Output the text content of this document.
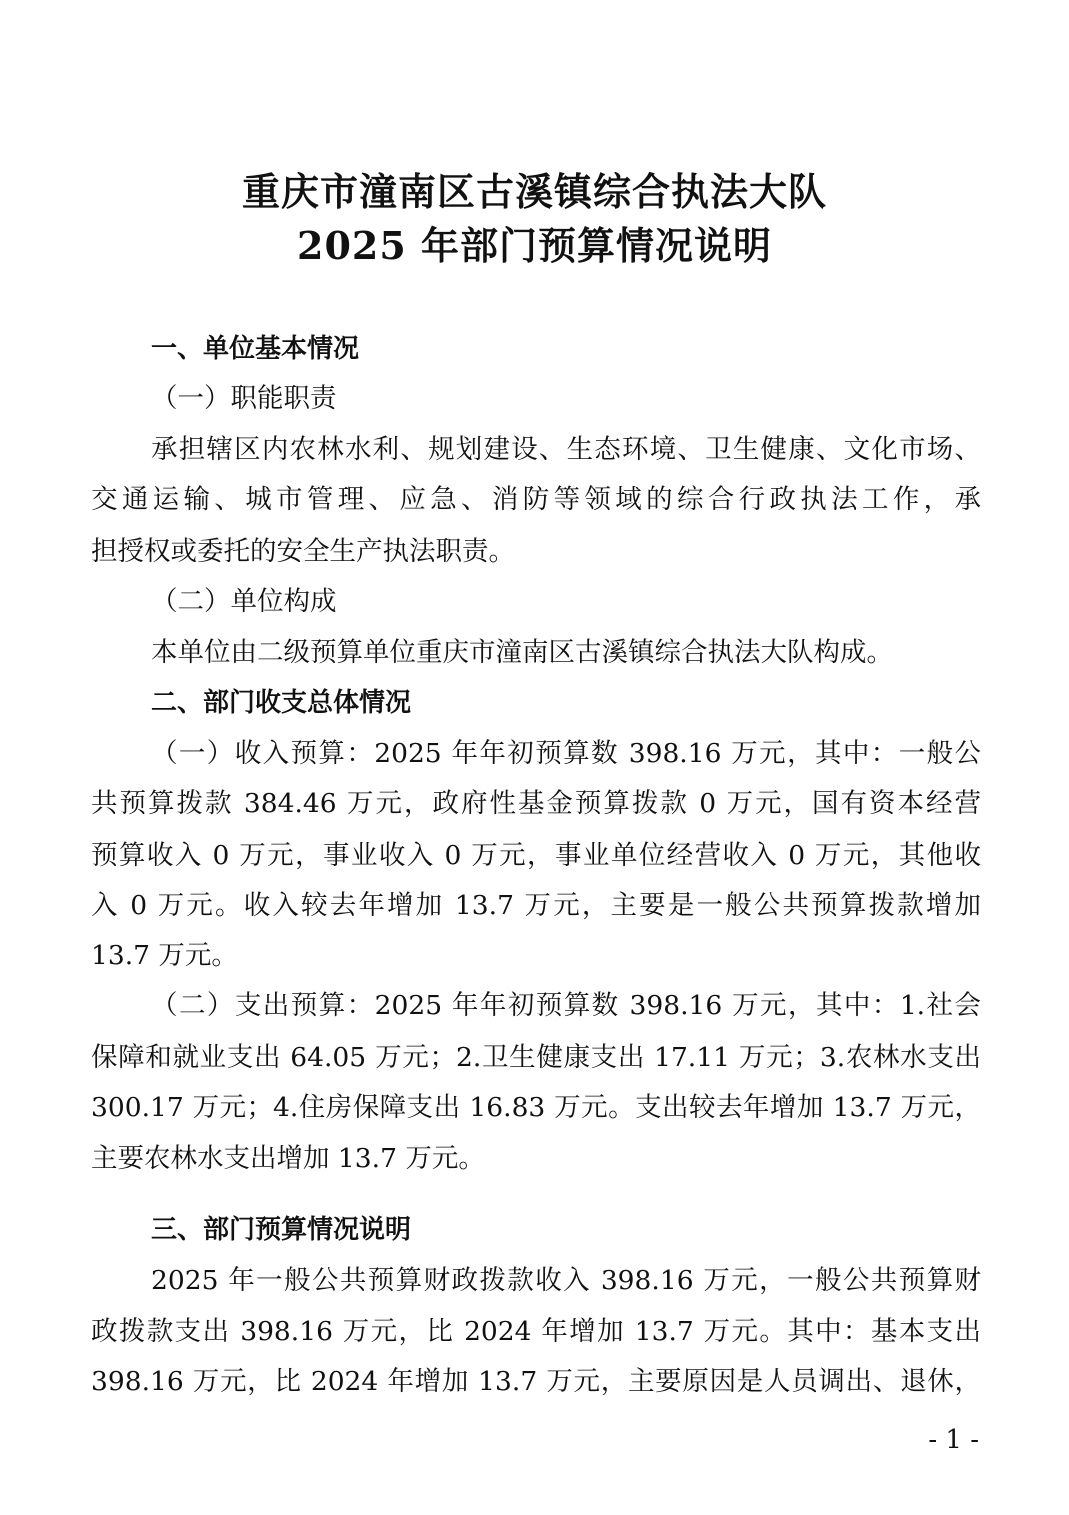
重庆市潼南区古溪镇综合执法大队
2025 年部门预算情况说明
一、单位基本情况
（一）职能职责
承担辖区内农林水利、规划建设、生态环境、卫生健康、文化市场、
交通运输、城市管理、应急、消防等领域的综合行政执法工作，承
担授权或委托的安全生产执法职责。
（二）单位构成
本单位由二级预算单位重庆市潼南区古溪镇综合执法大队构成。
二、部门收支总体情况
（一）收入预算：2025 年年初预算数 398.16 万元，其中：一般公
共预算拨款 384.46 万元，政府性基金预算拨款 0 万元，国有资本经营
预算收入 0 万元，事业收入 0 万元，事业单位经营收入 0 万元，其他收
入 0 万元。收入较去年增加 13.7 万元，主要是一般公共预算拨款增加
13.7 万元。
（二）支出预算：2025 年年初预算数 398.16 万元，其中：1.社会
保障和就业支出 64.05 万元；2.卫生健康支出 17.11 万元；3.农林水支出
300.17 万元；4.住房保障支出 16.83 万元。支出较去年增加 13.7 万元，
主要农林水支出增加 13.7 万元。
三、部门预算情况说明
2025 年一般公共预算财政拨款收入 398.16 万元，一般公共预算财
政拨款支出 398.16 万元，比 2024 年增加 13.7 万元。其中：基本支出
398.16 万元，比 2024 年增加 13.7 万元，主要原因是人员调出、退休，
- 1 -
